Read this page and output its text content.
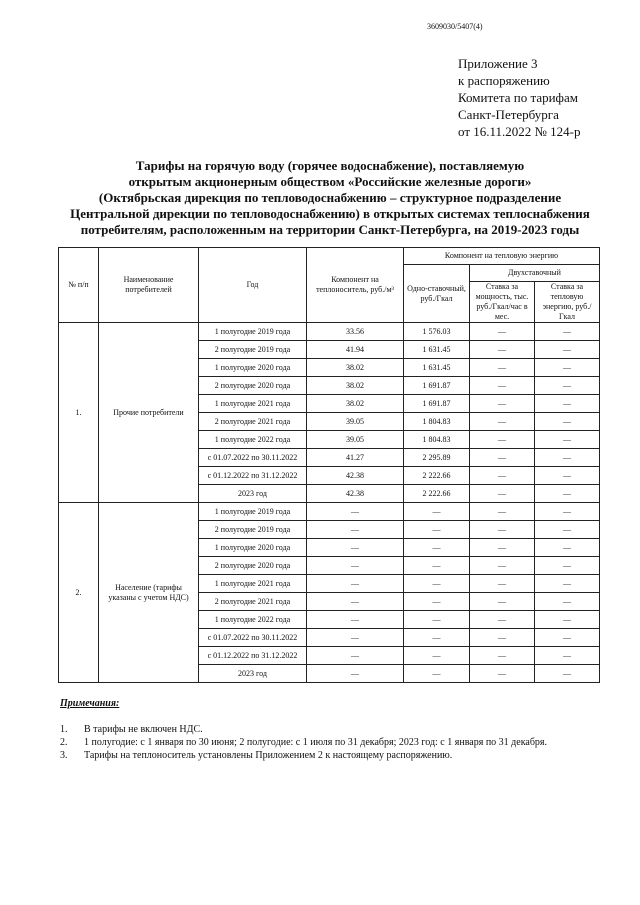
3609030/5407(4)
Приложение 3
к распоряжению
Комитета по тарифам
Санкт-Петербурга
от 16.11.2022 № 124-р
Тарифы на горячую воду (горячее водоснабжение), поставляемую
открытым акционерным обществом «Российские железные дороги»
(Октябрьская дирекция по тепловодоснабжению – структурное подразделение
Центральной дирекции по тепловодоснабжению) в открытых системах теплоснабжения
потребителям, расположенным на территории Санкт-Петербурга, на 2019-2023 годы
№ п/п	Наименование потребителей	Год	Компонент на теплоноситель, руб./м³	Компонент на тепловую энергию		
				Одно-ставочный, руб./Гкал	Двухставочный	
					Ставка за мощность, тыс. руб./Гкал/час в мес.	Ставка за тепловую энергию, руб./Гкал
1.	Прочие потребители	1 полугодие 2019 года	33.56	1 576.03	—	—
		2 полугодие 2019 года	41.94	1 631.45	—	—
		1 полугодие 2020 года	38.02	1 631.45	—	—
		2 полугодие 2020 года	38.02	1 691.87	—	—
		1 полугодие 2021 года	38.02	1 691.87	—	—
		2 полугодие 2021 года	39.05	1 804.83	—	—
		1 полугодие 2022 года	39.05	1 804.83	—	—
		с 01.07.2022 по 30.11.2022	41.27	2 295.89	—	—
		с 01.12.2022 по 31.12.2022	42.38	2 222.66	—	—
		2023 год	42.38	2 222.66	—	—
2.	Население (тарифы указаны с учетом НДС)	1 полугодие 2019 года	—	—	—	—
		2 полугодие 2019 года	—	—	—	—
		1 полугодие 2020 года	—	—	—	—
		2 полугодие 2020 года	—	—	—	—
		1 полугодие 2021 года	—	—	—	—
		2 полугодие 2021 года	—	—	—	—
		1 полугодие 2022 года	—	—	—	—
		с 01.07.2022 по 30.11.2022	—	—	—	—
		с 01.12.2022 по 31.12.2022	—	—	—	—
		2023 год	—	—	—	—
Примечания:
1.	В тарифы не включен НДС.
2.	1 полугодие: с 1 января по 30 июня; 2 полугодие: с 1 июля по 31 декабря; 2023 год: с 1 января по 31 декабря.
3.	Тарифы на теплоноситель установлены Приложением 2 к настоящему распоряжению.
